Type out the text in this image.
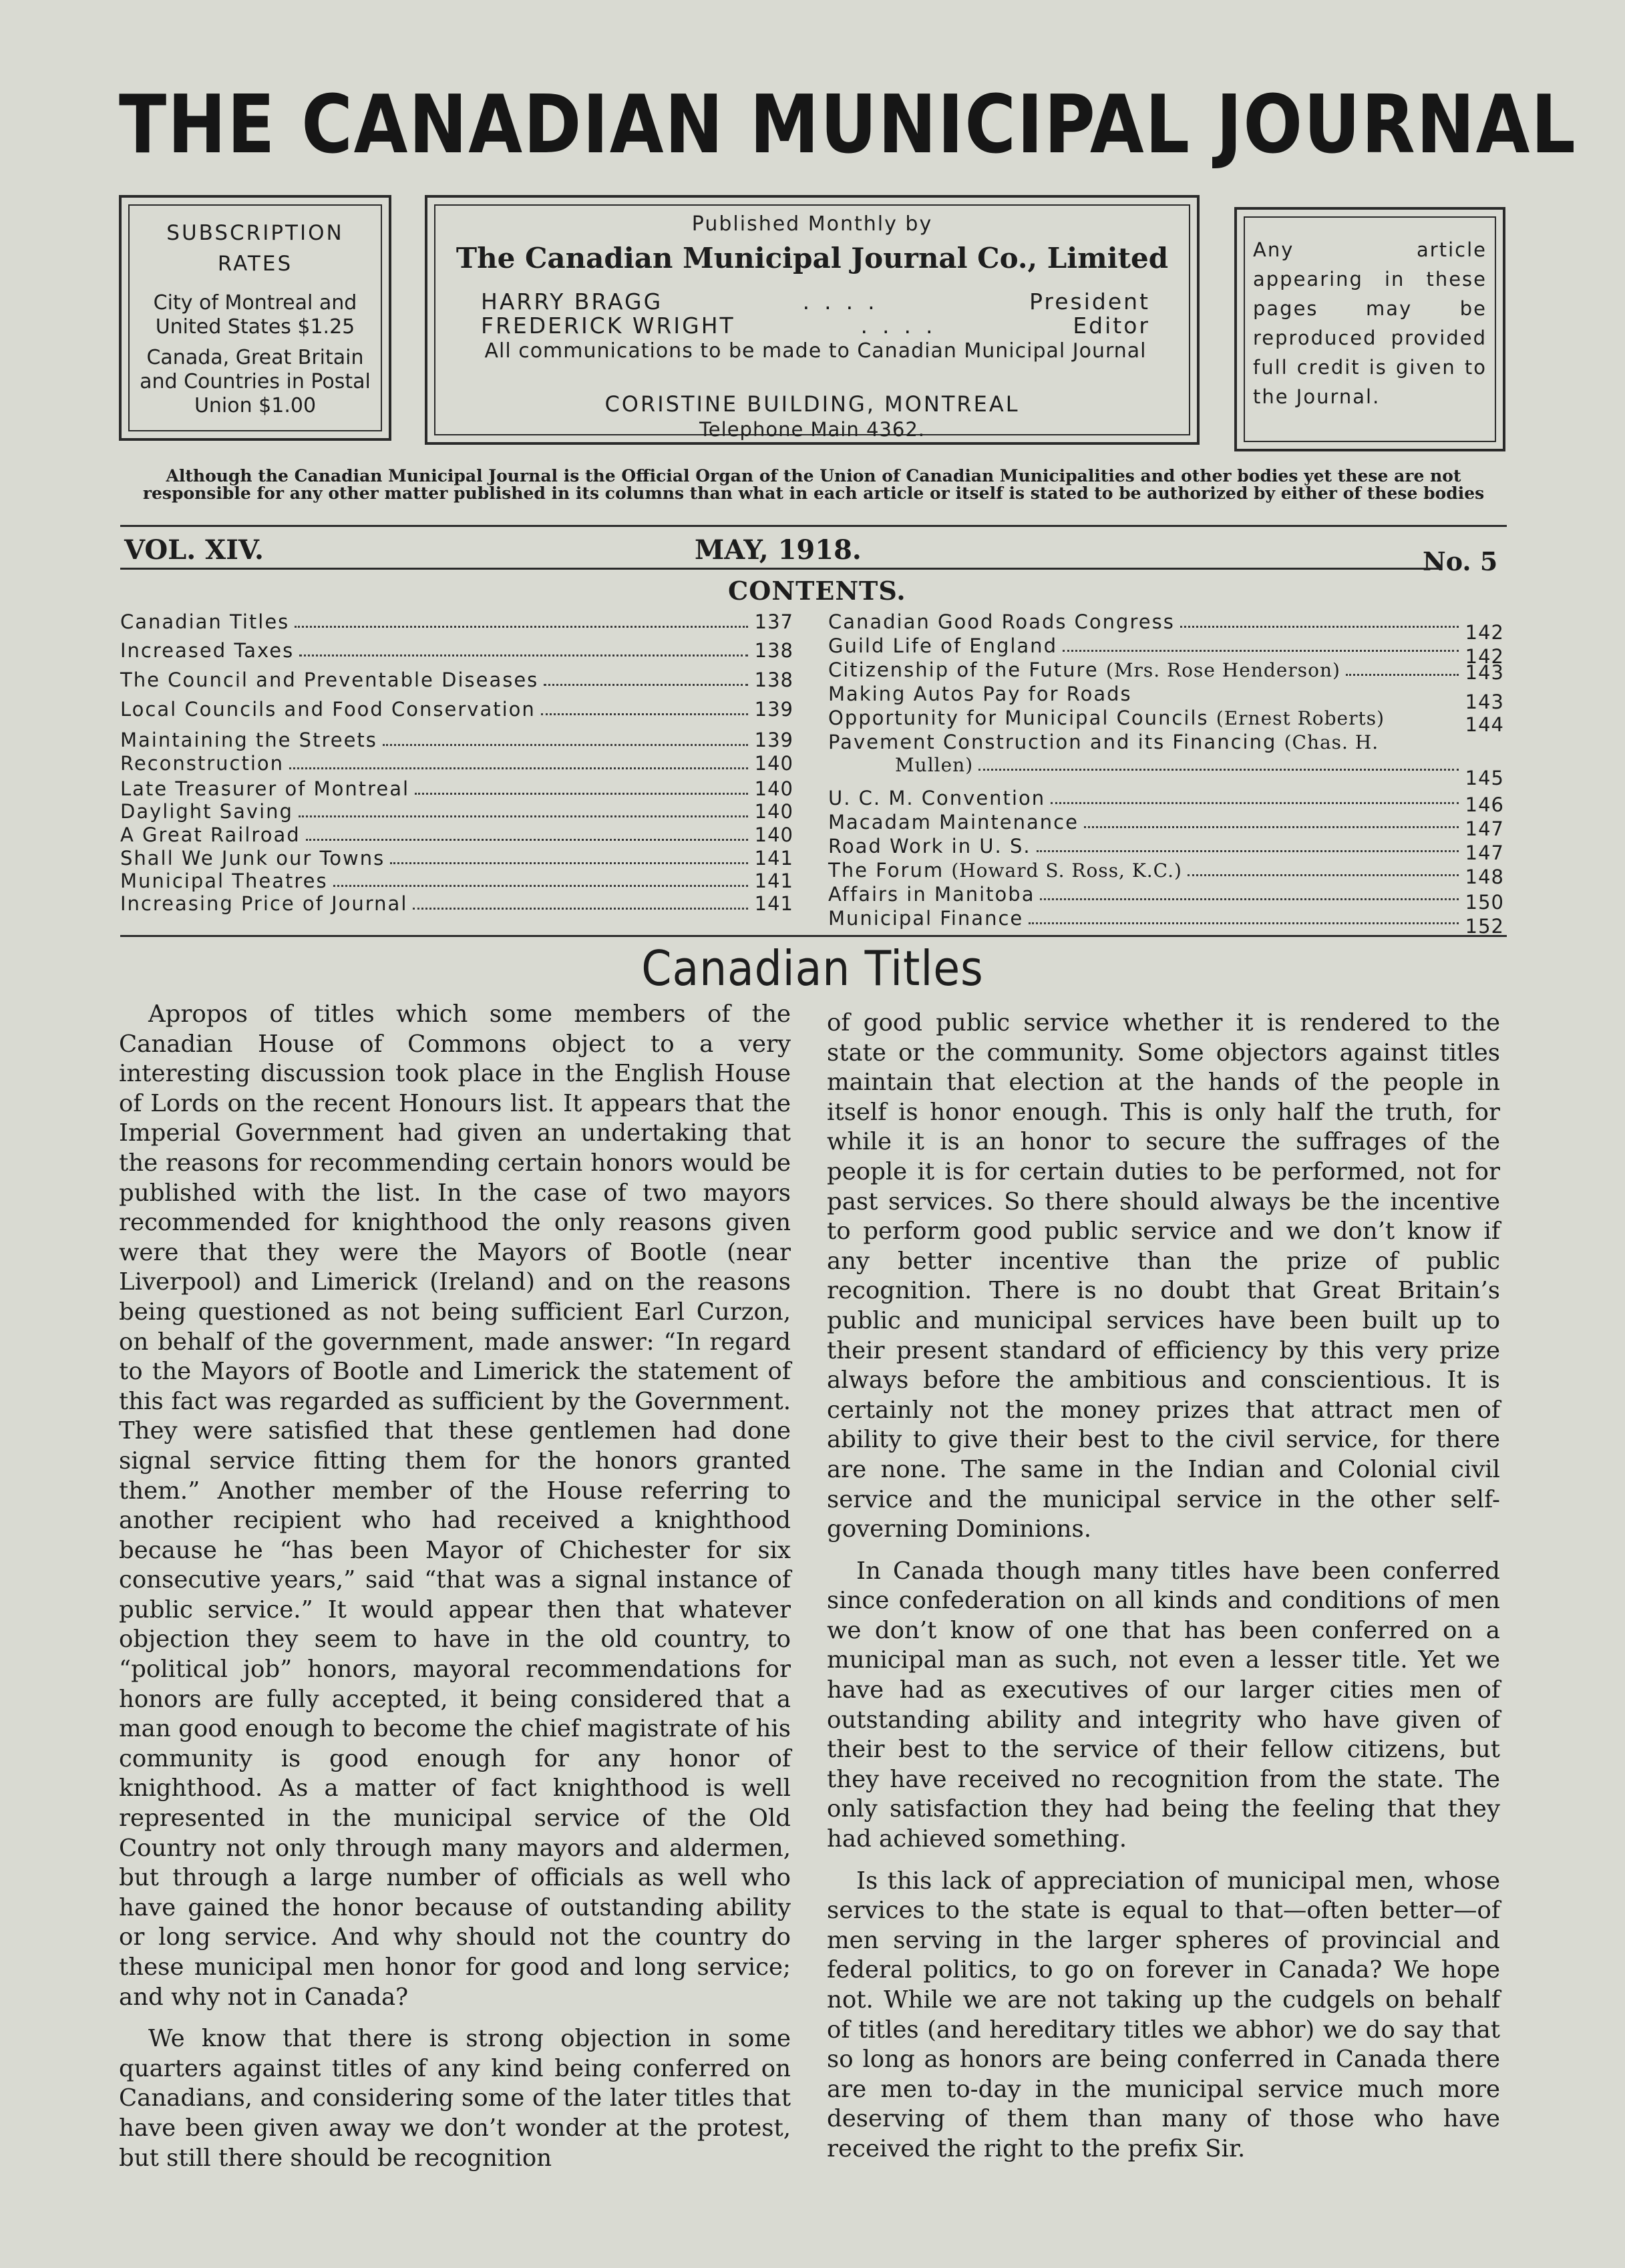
THE CANADIAN MUNICIPAL JOURNAL
SUBSCRIPTION
RATES
City of Montreal and United States $1.25
Canada, Great Britain and Countries in Postal Union $1.00
Published Monthly by
The Canadian Municipal Journal Co., Limited
HARRY BRAGG	....	President
FREDERICK WRIGHT	....	Editor
All communications to be made to Canadian Municipal Journal
CORISTINE BUILDING, MONTREAL
Telephone Main 4362.
Any article appearing in these pages may be reproduced provided full credit is given to the Journal.
Although the Canadian Municipal Journal is the Official Organ of the Union of Canadian Municipalities and other bodies yet these are not responsible for any other matter published in its columns than what in each article or itself is stated to be authorized by either of these bodies
VOL. XIV.	MAY, 1918.	No. 5
CONTENTS.
Canadian Titles	137
Increased Taxes	138
The Council and Preventable Diseases	138
Local Councils and Food Conservation	139
Maintaining the Streets	139
Reconstruction	140
Late Treasurer of Montreal	140
Daylight Saving	140
A Great Railroad	140
Shall We Junk our Towns	141
Municipal Theatres	141
Increasing Price of Journal	141
Canadian Good Roads Congress	142
Guild Life of England	142
Citizenship of the Future (Mrs. Rose Henderson)	143
Making Autos Pay for Roads	143
Opportunity for Municipal Councils (Ernest Roberts)	144
Pavement Construction and its Financing (Chas. H.
Mullen)
145
U. C. M. Convention	146
Macadam Maintenance	147
Road Work in U. S.	147
The Forum (Howard S. Ross, K.C.)	148
Affairs in Manitoba	150
Municipal Finance	152
Canadian Titles

Apropos of titles which some members of the Canadian House of Commons object to a very interesting discussion took place in the English House of Lords on the recent Honours list. It appears that the Imperial Government had given an undertaking that the reasons for recommending certain honors would be published with the list. In the case of two mayors recommended for knighthood the only reasons given were that they were the Mayors of Bootle (near Liverpool) and Limerick (Ireland) and on the reasons being questioned as not being sufficient Earl Curzon, on behalf of the government, made answer: “In regard to the Mayors of Bootle and Limerick the statement of this fact was regarded as sufficient by the Government. They were satisfied that these gentlemen had done signal service fitting them for the honors granted them.” Another member of the House referring to another recipient who had received a knighthood because he “has been Mayor of Chichester for six consecutive years,” said “that was a signal instance of public service.” It would appear then that whatever objection they seem to have in the old country, to “political job” honors, mayoral recommendations for honors are fully accepted, it being considered that a man good enough to become the chief magistrate of his community is good enough for any honor of knighthood. As a matter of fact knighthood is well represented in the municipal service of the Old Country not only through many mayors and aldermen, but through a large number of officials as well who have gained the honor because of outstanding ability or long service. And why should not the country do these municipal men honor for good and long service; and why not in Canada?

We know that there is strong objection in some quarters against titles of any kind being conferred on Canadians, and considering some of the later titles that have been given away we don’t wonder at the protest, but still there should be recognition

of good public service whether it is rendered to the state or the community. Some objectors against titles maintain that election at the hands of the people in itself is honor enough. This is only half the truth, for while it is an honor to secure the suffrages of the people it is for certain duties to be performed, not for past services. So there should always be the incentive to perform good public service and we don’t know if any better incentive than the prize of public recognition. There is no doubt that Great Britain’s public and municipal services have been built up to their present standard of efficiency by this very prize always before the ambitious and conscientious. It is certainly not the money prizes that attract men of ability to give their best to the civil service, for there are none. The same in the Indian and Colonial civil service and the municipal service in the other self-governing Dominions.

In Canada though many titles have been conferred since confederation on all kinds and conditions of men we don’t know of one that has been conferred on a municipal man as such, not even a lesser title. Yet we have had as executives of our larger cities men of outstanding ability and integrity who have given of their best to the service of their fellow citizens, but they have received no recognition from the state. The only satisfaction they had being the feeling that they had achieved something.

Is this lack of appreciation of municipal men, whose services to the state is equal to that—often better—of men serving in the larger spheres of provincial and federal politics, to go on forever in Canada? We hope not. While we are not taking up the cudgels on behalf of titles (and hereditary titles we abhor) we do say that so long as honors are being conferred in Canada there are men to-day in the municipal service much more deserving of them than many of those who have received the right to the prefix Sir.
